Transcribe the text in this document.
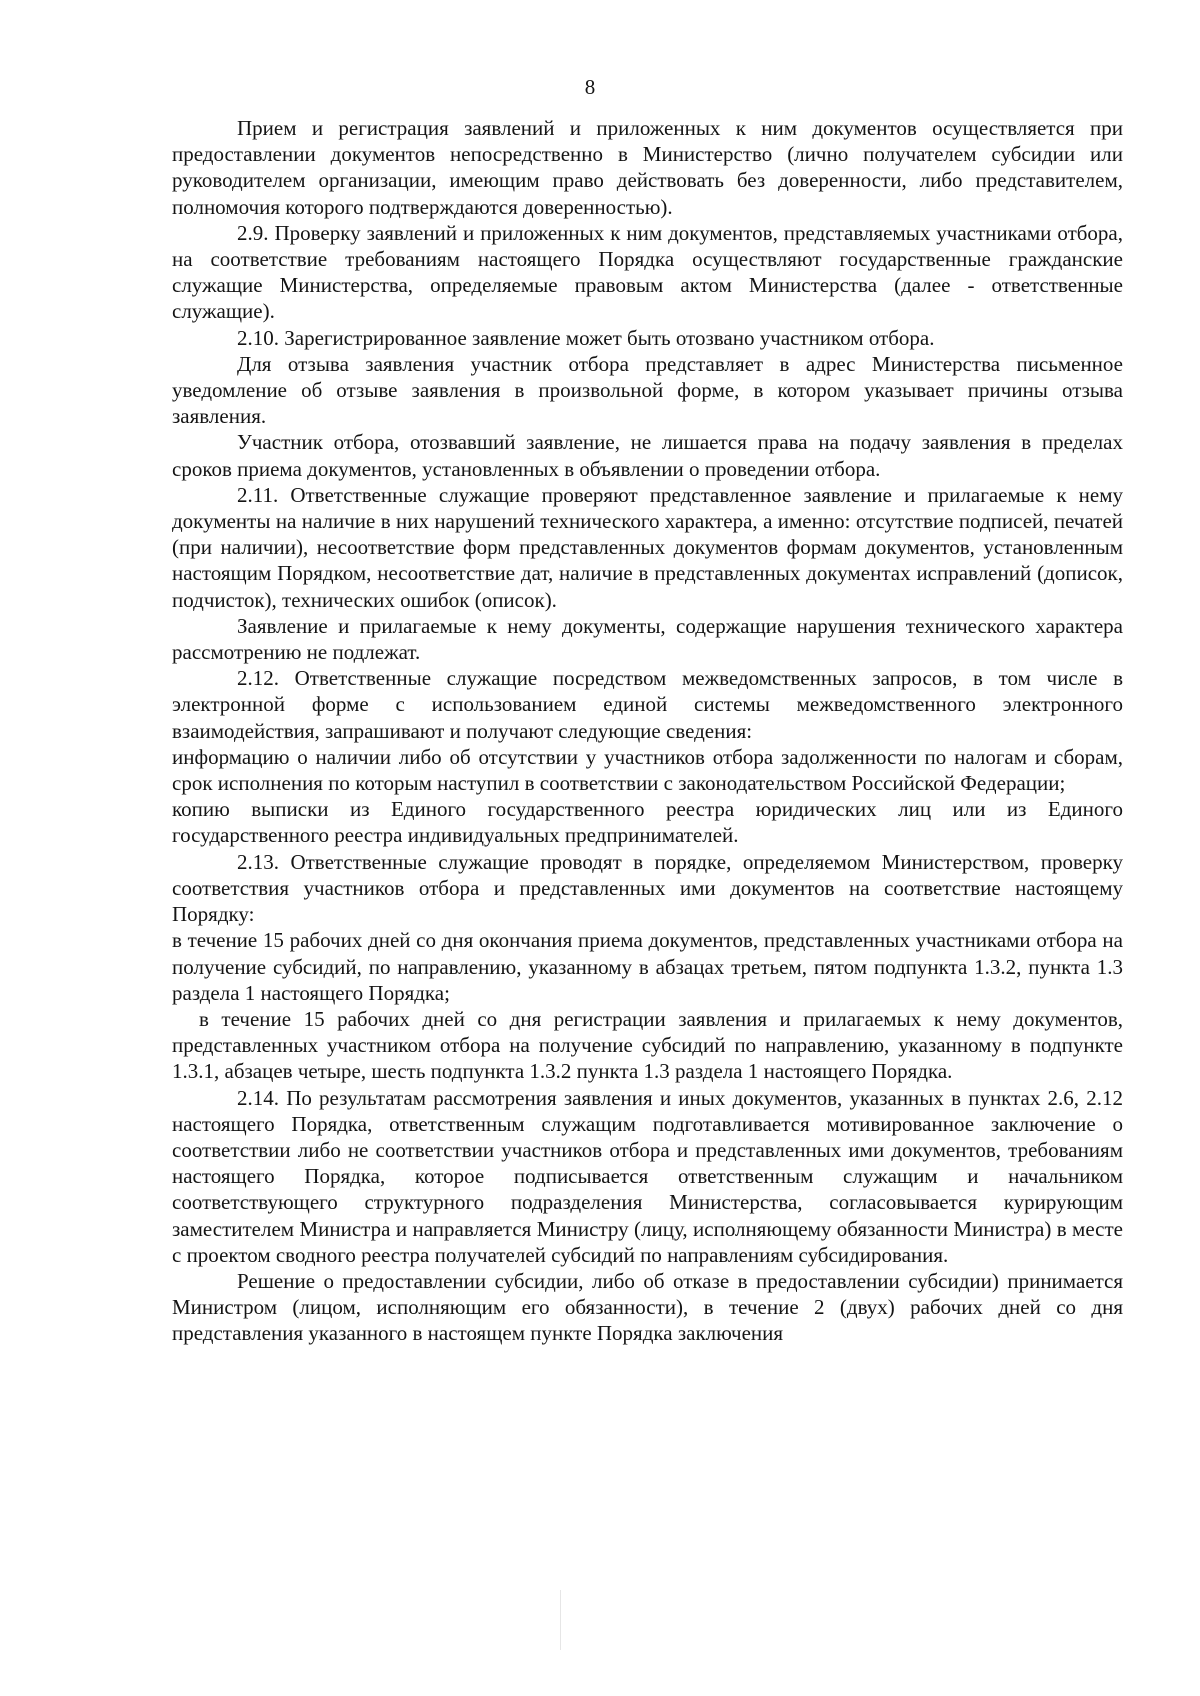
8

Прием и регистрация заявлений и приложенных к ним документов осуществляется при предоставлении документов непосредственно в Министерство (лично получателем субсидии или руководителем организации, имеющим право действовать без доверенности, либо представителем, полномочия которого подтверждаются доверенностью).

2.9. Проверку заявлений и приложенных к ним документов, представляемых участниками отбора, на соответствие требованиям настоящего Порядка осуществляют государственные гражданские служащие Министерства, определяемые правовым актом Министерства (далее - ответственные служащие).

2.10. Зарегистрированное заявление может быть отозвано участником отбора.

Для отзыва заявления участник отбора представляет в адрес Министерства письменное уведомление об отзыве заявления в произвольной форме, в котором указывает причины отзыва заявления.

Участник отбора, отозвавший заявление, не лишается права на подачу заявления в пределах сроков приема документов, установленных в объявлении о проведении отбора.

2.11. Ответственные служащие проверяют представленное заявление и прилагаемые к нему документы на наличие в них нарушений технического характера, а именно: отсутствие подписей, печатей (при наличии), несоответствие форм представленных документов формам документов, установленным настоящим Порядком, несоответствие дат, наличие в представленных документах исправлений (дописок, подчисток), технических ошибок (описок).

Заявление и прилагаемые к нему документы, содержащие нарушения технического характера рассмотрению не подлежат.

2.12. Ответственные служащие посредством межведомственных запросов, в том числе в электронной форме с использованием единой системы межведомственного электронного взаимодействия, запрашивают и получают следующие сведения:

информацию о наличии либо об отсутствии у участников отбора задолженности по налогам и сборам, срок исполнения по которым наступил в соответствии с законодательством Российской Федерации;

копию выписки из Единого государственного реестра юридических лиц или из Единого государственного реестра индивидуальных предпринимателей.

2.13. Ответственные служащие проводят в порядке, определяемом Министерством, проверку соответствия участников отбора и представленных ими документов на соответствие настоящему Порядку:

в течение 15 рабочих дней со дня окончания приема документов, представленных участниками отбора на получение субсидий, по направлению, указанному в абзацах третьем, пятом подпункта 1.3.2, пункта 1.3 раздела 1 настоящего Порядка;

в течение 15 рабочих дней со дня регистрации заявления и прилагаемых к нему документов, представленных участником отбора на получение субсидий по направлению, указанному в подпункте 1.3.1, абзацев четыре, шесть подпункта 1.3.2 пункта 1.3 раздела 1 настоящего Порядка.

2.14. По результатам рассмотрения заявления и иных документов, указанных в пунктах 2.6, 2.12 настоящего Порядка, ответственным служащим подготавливается мотивированное заключение о соответствии либо не соответствии участников отбора и представленных ими документов, требованиям настоящего Порядка, которое подписывается ответственным служащим и начальником соответствующего структурного подразделения Министерства, согласовывается курирующим заместителем Министра и направляется Министру (лицу, исполняющему обязанности Министра) в месте с проектом сводного реестра получателей субсидий по направлениям субсидирования.

Решение о предоставлении субсидии, либо об отказе в предоставлении субсидии) принимается Министром (лицом, исполняющим его обязанности), в течение 2 (двух) рабочих дней со дня представления указанного в настоящем пункте Порядка заключения
